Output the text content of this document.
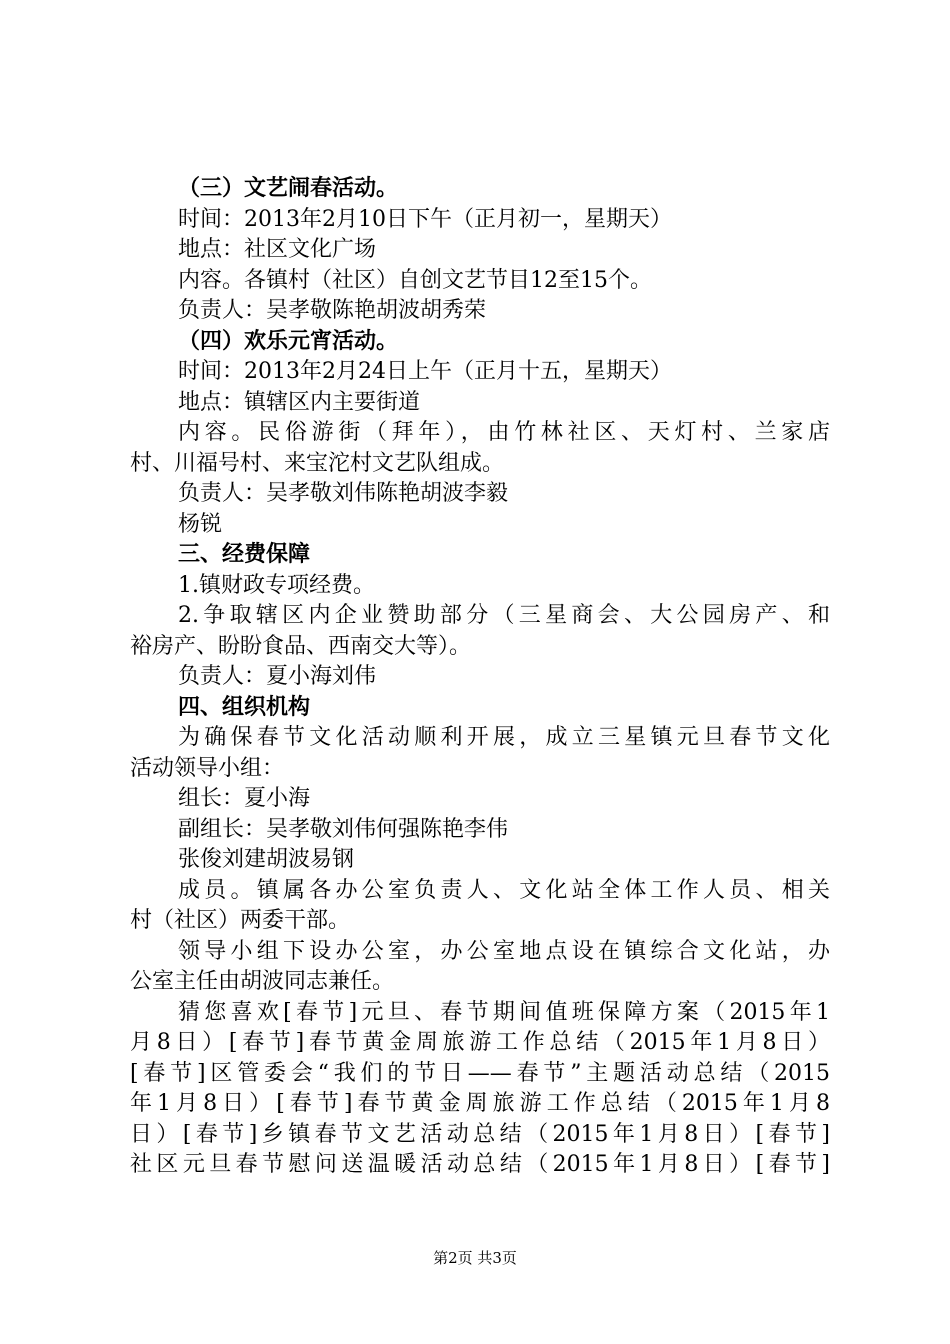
（三）文艺闹春活动。
时间：2013年2月10日下午（正月初一，星期天）
地点：社区文化广场
内容。各镇村（社区）自创文艺节目12至15个。
负责人：吴孝敬陈艳胡波胡秀荣
（四）欢乐元宵活动。
时间：2013年2月24日上午（正月十五，星期天）
地点：镇辖区内主要街道
内容。民俗游街（拜年），由竹林社区、天灯村、兰家店
村、川福号村、来宝沱村文艺队组成。
负责人：吴孝敬刘伟陈艳胡波李毅
杨锐
三、经费保障
1.镇财政专项经费。
2.争取辖区内企业赞助部分（三星商会、大公园房产、和
裕房产、盼盼食品、西南交大等）。
负责人：夏小海刘伟
四、组织机构
为确保春节文化活动顺利开展，成立三星镇元旦春节文化
活动领导小组：
组长：夏小海
副组长：吴孝敬刘伟何强陈艳李伟
张俊刘建胡波易钢
成员。镇属各办公室负责人、文化站全体工作人员、相关
村（社区）两委干部。
领导小组下设办公室，办公室地点设在镇综合文化站，办
公室主任由胡波同志兼任。
猜您喜欢[春节]元旦、春节期间值班保障方案（2015年1
月8日）[春节]春节黄金周旅游工作总结（2015年1月8日）
[春节]区管委会“我们的节日——春节”主题活动总结（2015
年1月8日）[春节]春节黄金周旅游工作总结（2015年1月8
日）[春节]乡镇春节文艺活动总结（2015年1月8日）[春节]
社区元旦春节慰问送温暖活动总结（2015年1月8日）[春节]
第2页 共3页
